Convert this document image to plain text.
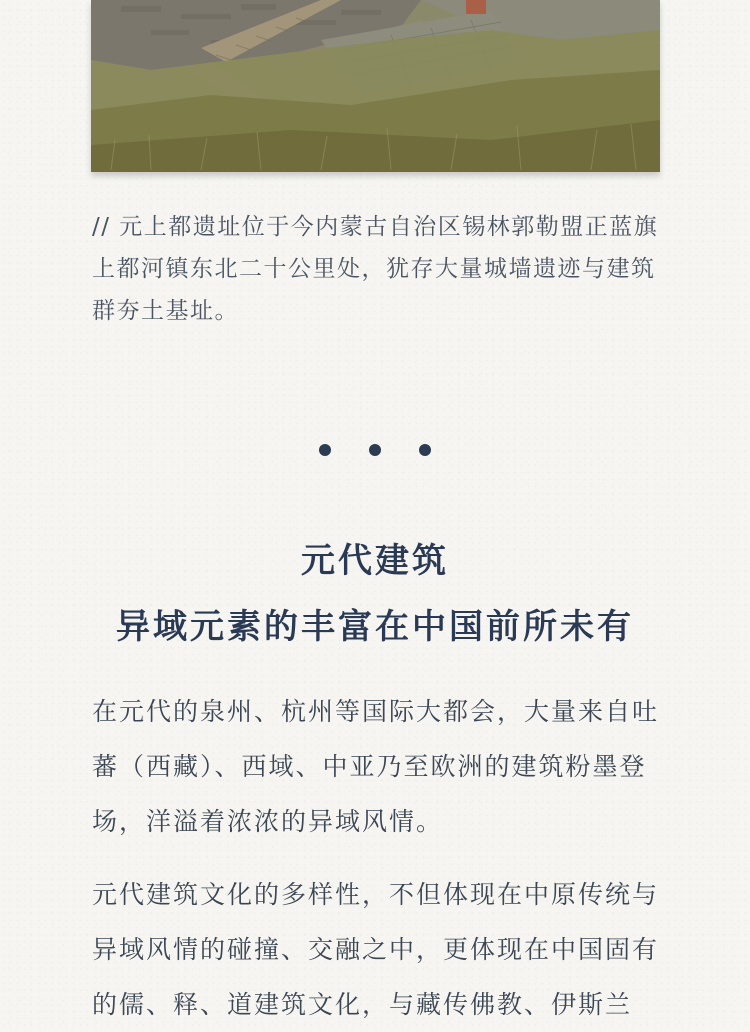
// 元上都遗址位于今内蒙古自治区锡林郭勒盟正蓝旗上都河镇东北二十公里处，犹存大量城墙遗迹与建筑群夯土基址。

元代建筑
异域元素的丰富在中国前所未有

在元代的泉州、杭州等国际大都会，大量来自吐蕃（西藏）、西域、中亚乃至欧洲的建筑粉墨登场，洋溢着浓浓的异域风情。

元代建筑文化的多样性，不但体现在中原传统与异域风情的碰撞、交融之中，更体现在中国固有的儒、释、道建筑文化，与藏传佛教、伊斯兰
